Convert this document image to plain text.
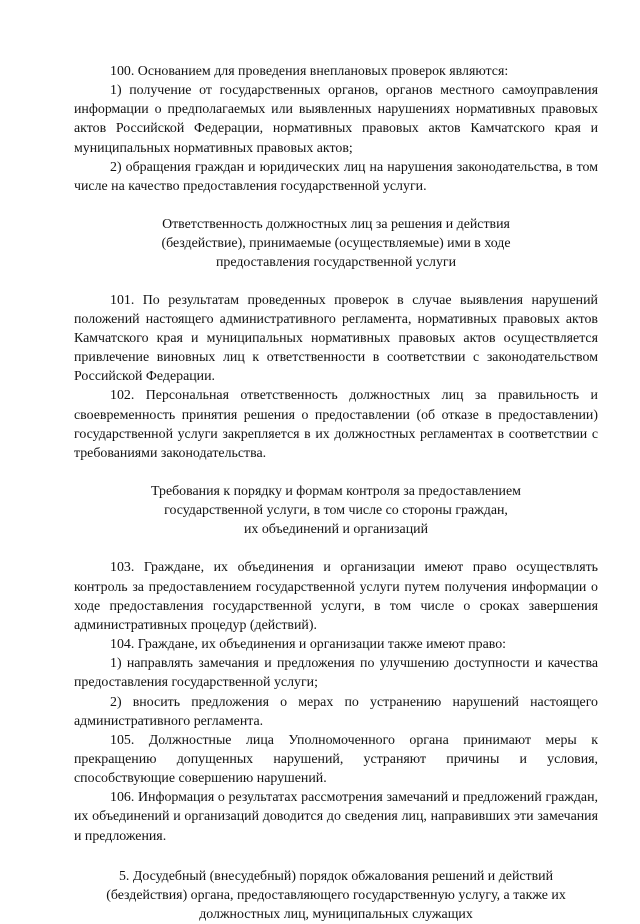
100. Основанием для проведения внеплановых проверок являются:

1) получение от государственных органов, органов местного самоуправления информации о предполагаемых или выявленных нарушениях нормативных правовых актов Российской Федерации, нормативных правовых актов Камчатского края и муниципальных нормативных правовых актов;

2) обращения граждан и юридических лиц на нарушения законодательства, в том числе на качество предоставления государственной услуги.

Ответственность должностных лиц за решения и действия

(бездействие), принимаемые (осуществляемые) ими в ходе

предоставления государственной услуги

101. По результатам проведенных проверок в случае выявления нарушений положений настоящего административного регламента, нормативных правовых актов Камчатского края и муниципальных нормативных правовых актов осуществляется привлечение виновных лиц к ответственности в соответствии с законодательством Российской Федерации.

102. Персональная ответственность должностных лиц за правильность и своевременность принятия решения о предоставлении (об отказе в предоставлении) государственной услуги закрепляется в их должностных регламентах в соответствии с требованиями законодательства.

Требования к порядку и формам контроля за предоставлением

государственной услуги, в том числе со стороны граждан,

их объединений и организаций

103. Граждане, их объединения и организации имеют право осуществлять контроль за предоставлением государственной услуги путем получения информации о ходе предоставления государственной услуги, в том числе о сроках завершения административных процедур (действий).

104. Граждане, их объединения и организации также имеют право:

1) направлять замечания и предложения по улучшению доступности и качества предоставления государственной услуги;

2) вносить предложения о мерах по устранению нарушений настоящего административного регламента.

105. Должностные лица Уполномоченного органа принимают меры к прекращению допущенных нарушений, устраняют причины и условия, способствующие совершению нарушений.

106. Информация о результатах рассмотрения замечаний и предложений граждан, их объединений и организаций доводится до сведения лиц, направивших эти замечания и предложения.

5. Досудебный (внесудебный) порядок обжалования решений и действий

(бездействия) органа, предоставляющего государственную услугу, а также их

должностных лиц, муниципальных служащих
